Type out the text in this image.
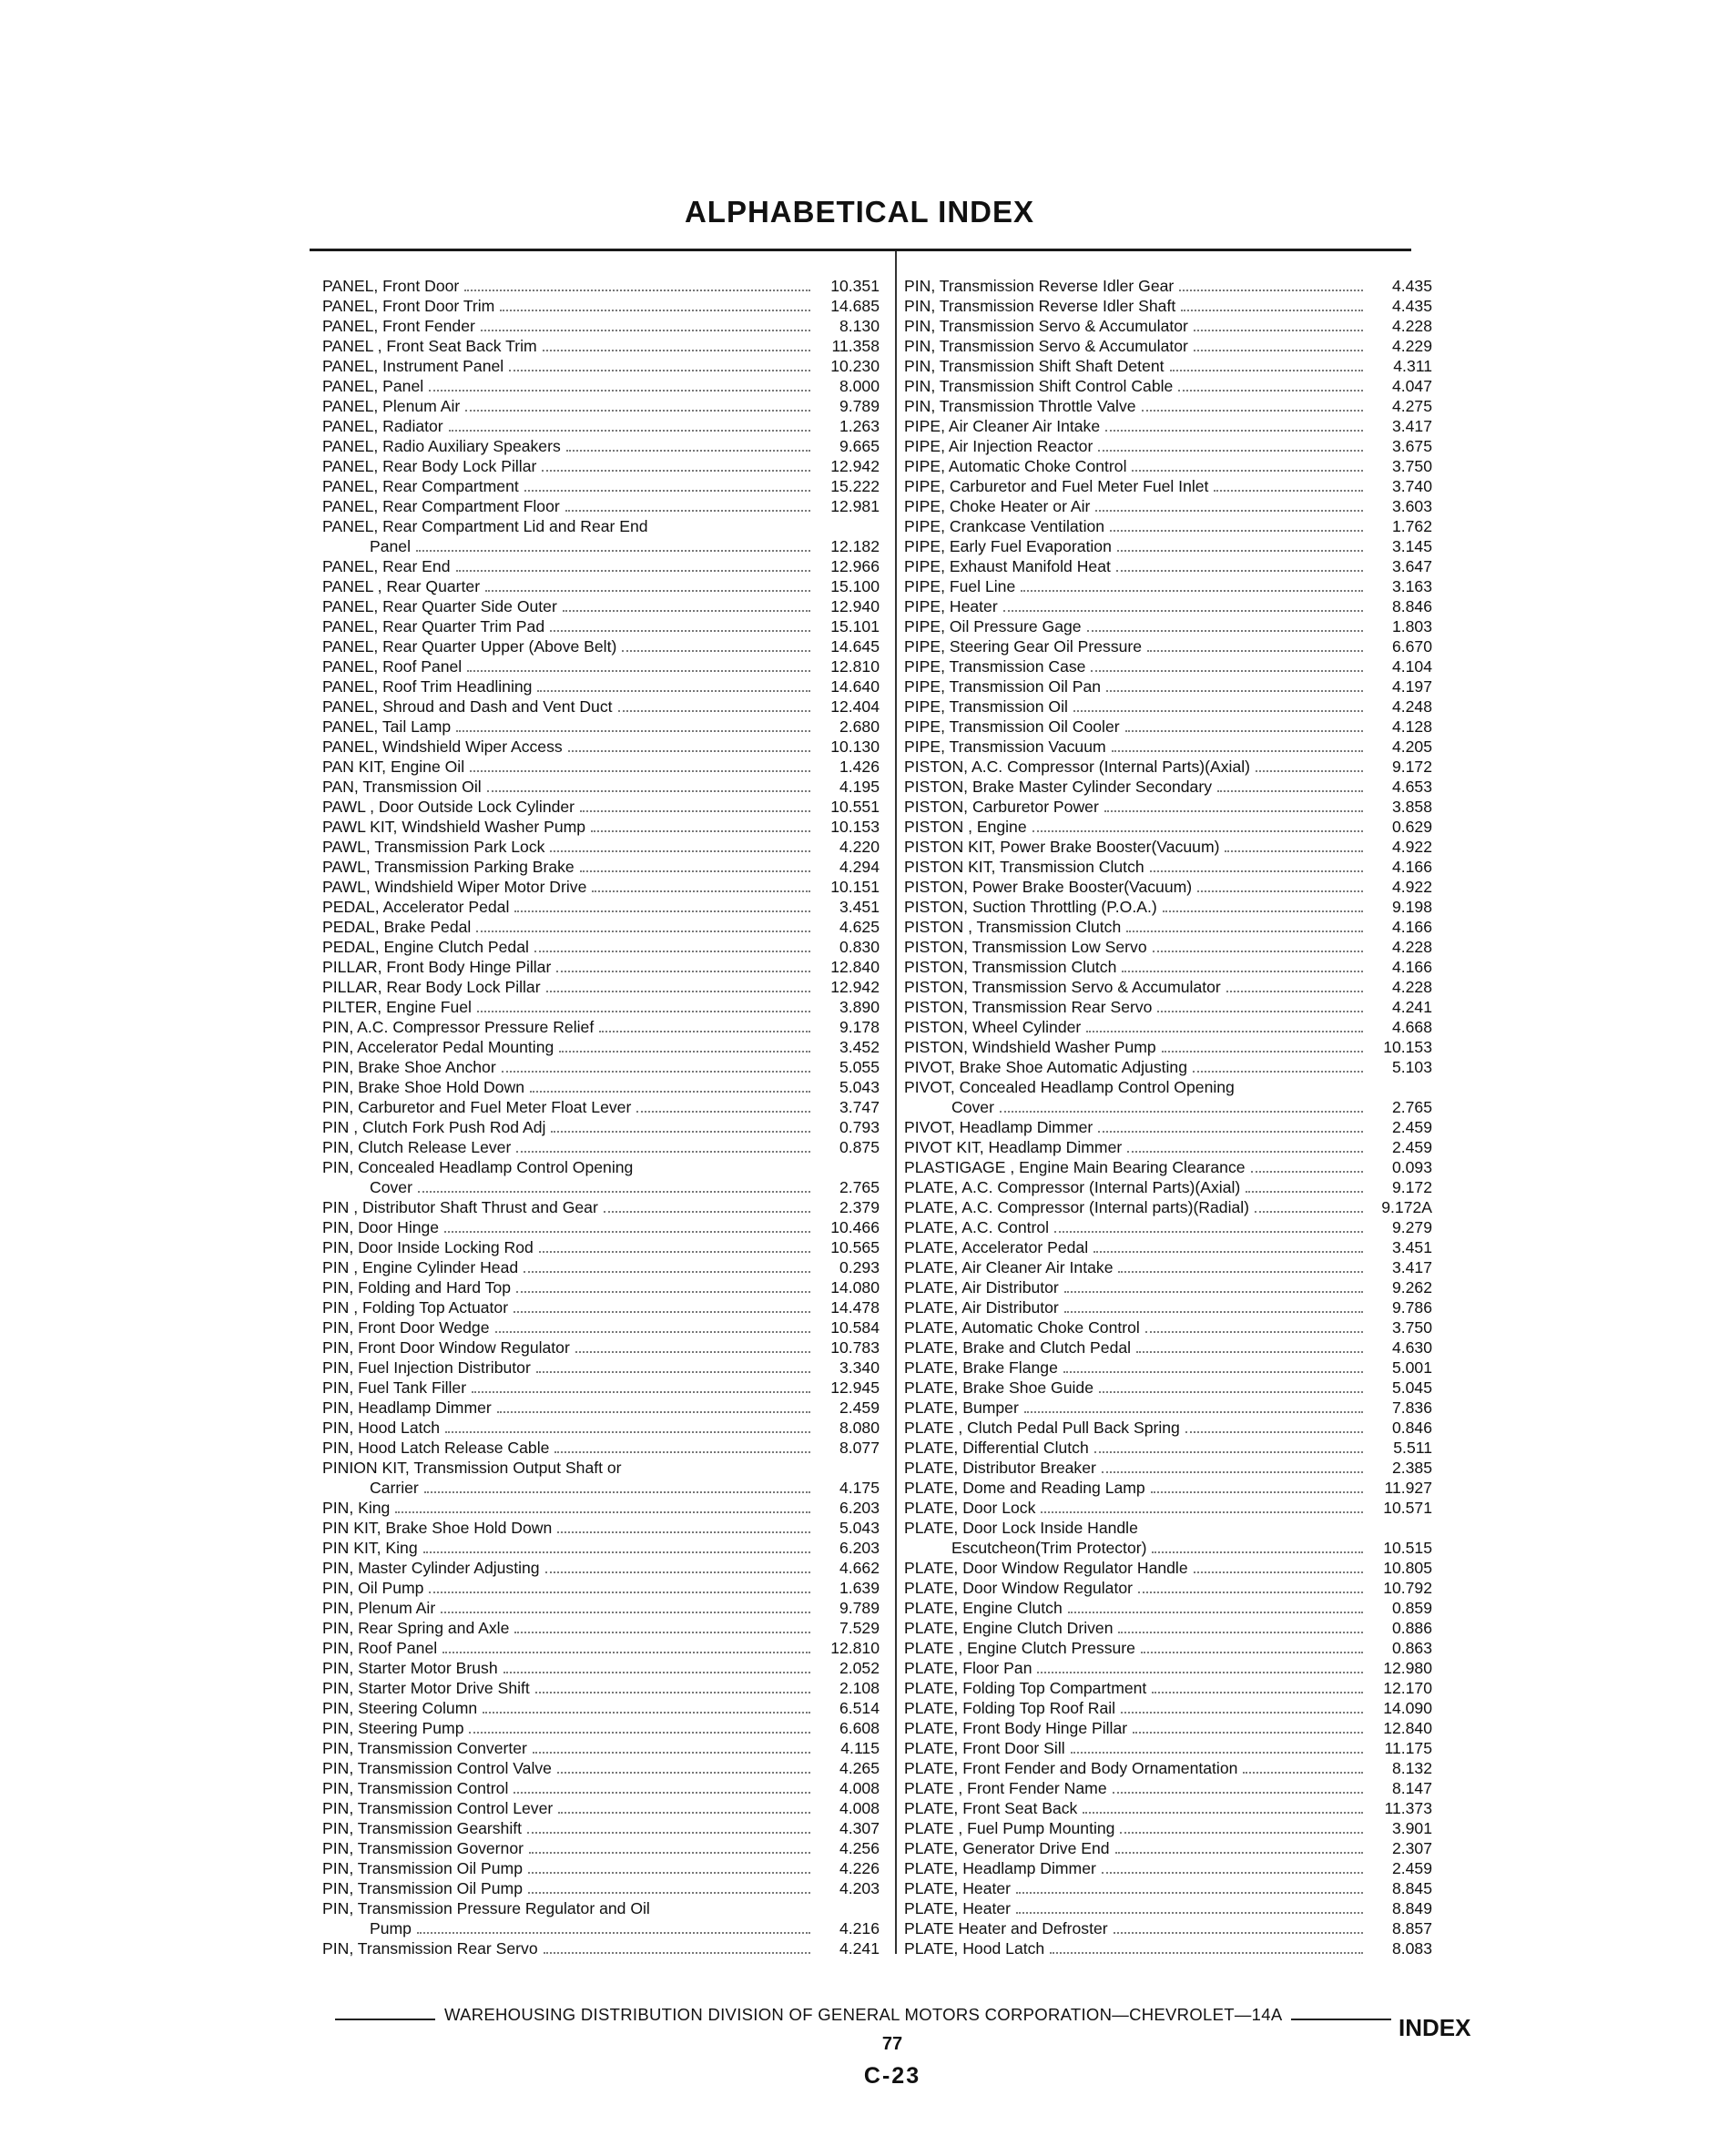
ALPHABETICAL INDEX
PANEL, Front Door	10.351
PANEL, Front Door Trim	14.685
PANEL, Front Fender	8.130
PANEL , Front Seat Back Trim	11.358
PANEL, Instrument Panel	10.230
PANEL, Panel	8.000
PANEL, Plenum Air	9.789
PANEL, Radiator	1.263
PANEL, Radio Auxiliary Speakers	9.665
PANEL, Rear Body Lock Pillar	12.942
PANEL, Rear Compartment	15.222
PANEL, Rear Compartment Floor	12.981
PANEL, Rear Compartment Lid and Rear End
Panel	12.182
PANEL, Rear End	12.966
PANEL , Rear Quarter	15.100
PANEL, Rear Quarter Side Outer	12.940
PANEL, Rear Quarter Trim Pad	15.101
PANEL, Rear Quarter Upper (Above Belt)	14.645
PANEL, Roof Panel	12.810
PANEL, Roof Trim Headlining	14.640
PANEL, Shroud and Dash and Vent Duct	12.404
PANEL, Tail Lamp	2.680
PANEL, Windshield Wiper Access	10.130
PAN KIT, Engine Oil	1.426
PAN, Transmission Oil	4.195
PAWL , Door Outside Lock Cylinder	10.551
PAWL KIT, Windshield Washer Pump	10.153
PAWL, Transmission Park Lock	4.220
PAWL, Transmission Parking Brake	4.294
PAWL, Windshield Wiper Motor Drive	10.151
PEDAL, Accelerator Pedal	3.451
PEDAL, Brake Pedal	4.625
PEDAL, Engine Clutch Pedal	0.830
PILLAR, Front Body Hinge Pillar	12.840
PILLAR, Rear Body Lock Pillar	12.942
PILTER, Engine Fuel	3.890
PIN, A.C. Compressor Pressure Relief	9.178
PIN, Accelerator Pedal Mounting	3.452
PIN, Brake Shoe Anchor	5.055
PIN, Brake Shoe Hold Down	5.043
PIN, Carburetor and Fuel Meter Float Lever	3.747
PIN , Clutch Fork Push Rod Adj	0.793
PIN, Clutch Release Lever	0.875
PIN, Concealed Headlamp Control Opening
Cover	2.765
PIN , Distributor Shaft Thrust and Gear	2.379
PIN, Door Hinge	10.466
PIN, Door Inside Locking Rod	10.565
PIN , Engine Cylinder Head	0.293
PIN, Folding and Hard Top	14.080
PIN , Folding Top Actuator	14.478
PIN, Front Door Wedge	10.584
PIN, Front Door Window Regulator	10.783
PIN, Fuel Injection Distributor	3.340
PIN, Fuel Tank Filler	12.945
PIN, Headlamp Dimmer	2.459
PIN, Hood Latch	8.080
PIN, Hood Latch Release Cable	8.077
PINION KIT, Transmission Output Shaft or
Carrier	4.175
PIN, King	6.203
PIN KIT, Brake Shoe Hold Down	5.043
PIN KIT, King	6.203
PIN, Master Cylinder Adjusting	4.662
PIN, Oil Pump	1.639
PIN, Plenum Air	9.789
PIN, Rear Spring and Axle	7.529
PIN, Roof Panel	12.810
PIN, Starter Motor Brush	2.052
PIN, Starter Motor Drive Shift	2.108
PIN, Steering Column	6.514
PIN, Steering Pump	6.608
PIN, Transmission Converter	4.115
PIN, Transmission Control Valve	4.265
PIN, Transmission Control	4.008
PIN, Transmission Control Lever	4.008
PIN, Transmission Gearshift	4.307
PIN, Transmission Governor	4.256
PIN, Transmission Oil Pump	4.226
PIN, Transmission Oil Pump	4.203
PIN, Transmission Pressure Regulator and Oil
Pump	4.216
PIN, Transmission Rear Servo	4.241
PIN, Transmission Reverse Idler Gear	4.435
PIN, Transmission Reverse Idler Shaft	4.435
PIN, Transmission Servo & Accumulator	4.228
PIN, Transmission Servo & Accumulator	4.229
PIN, Transmission Shift Shaft Detent	4.311
PIN, Transmission Shift Control Cable	4.047
PIN, Transmission Throttle Valve	4.275
PIPE, Air Cleaner Air Intake	3.417
PIPE, Air Injection Reactor	3.675
PIPE, Automatic Choke Control	3.750
PIPE, Carburetor and Fuel Meter Fuel Inlet	3.740
PIPE, Choke Heater or Air	3.603
PIPE, Crankcase Ventilation	1.762
PIPE, Early Fuel Evaporation	3.145
PIPE, Exhaust Manifold Heat	3.647
PIPE, Fuel Line	3.163
PIPE, Heater	8.846
PIPE, Oil Pressure Gage	1.803
PIPE, Steering Gear Oil Pressure	6.670
PIPE, Transmission Case	4.104
PIPE, Transmission Oil Pan	4.197
PIPE, Transmission Oil	4.248
PIPE, Transmission Oil Cooler	4.128
PIPE, Transmission Vacuum	4.205
PISTON, A.C. Compressor (Internal Parts)(Axial)	9.172
PISTON, Brake Master Cylinder Secondary	4.653
PISTON, Carburetor Power	3.858
PISTON , Engine	0.629
PISTON KIT, Power Brake Booster(Vacuum)	4.922
PISTON KIT, Transmission Clutch	4.166
PISTON, Power Brake Booster(Vacuum)	4.922
PISTON, Suction Throttling (P.O.A.)	9.198
PISTON , Transmission Clutch	4.166
PISTON, Transmission Low Servo	4.228
PISTON, Transmission Clutch	4.166
PISTON, Transmission Servo & Accumulator	4.228
PISTON, Transmission Rear Servo	4.241
PISTON, Wheel Cylinder	4.668
PISTON, Windshield Washer Pump	10.153
PIVOT, Brake Shoe Automatic Adjusting	5.103
PIVOT, Concealed Headlamp Control Opening
Cover	2.765
PIVOT, Headlamp Dimmer	2.459
PIVOT KIT, Headlamp Dimmer	2.459
PLASTIGAGE , Engine Main Bearing Clearance	0.093
PLATE, A.C. Compressor (Internal Parts)(Axial)	9.172
PLATE, A.C. Compressor (Internal parts)(Radial)	9.172A
PLATE, A.C. Control	9.279
PLATE, Accelerator Pedal	3.451
PLATE, Air Cleaner Air Intake	3.417
PLATE, Air Distributor	9.262
PLATE, Air Distributor	9.786
PLATE, Automatic Choke Control	3.750
PLATE, Brake and Clutch Pedal	4.630
PLATE, Brake Flange	5.001
PLATE, Brake Shoe Guide	5.045
PLATE, Bumper	7.836
PLATE , Clutch Pedal Pull Back Spring	0.846
PLATE, Differential Clutch	5.511
PLATE, Distributor Breaker	2.385
PLATE, Dome and Reading Lamp	11.927
PLATE, Door Lock	10.571
PLATE, Door Lock Inside Handle
Escutcheon(Trim Protector)	10.515
PLATE, Door Window Regulator Handle	10.805
PLATE, Door Window Regulator	10.792
PLATE, Engine Clutch	0.859
PLATE, Engine Clutch Driven	0.886
PLATE , Engine Clutch Pressure	0.863
PLATE, Floor Pan	12.980
PLATE, Folding Top Compartment	12.170
PLATE, Folding Top Roof Rail	14.090
PLATE, Front Body Hinge Pillar	12.840
PLATE, Front Door Sill	11.175
PLATE, Front Fender and Body Ornamentation	8.132
PLATE , Front Fender Name	8.147
PLATE, Front Seat Back	11.373
PLATE , Fuel Pump Mounting	3.901
PLATE, Generator Drive End	2.307
PLATE, Headlamp Dimmer	2.459
PLATE, Heater	8.845
PLATE, Heater	8.849
PLATE Heater and Defroster	8.857
PLATE, Hood Latch	8.083
WAREHOUSING DISTRIBUTION DIVISION OF GENERAL MOTORS CORPORATION—CHEVROLET—14A	INDEX
77
C-23
